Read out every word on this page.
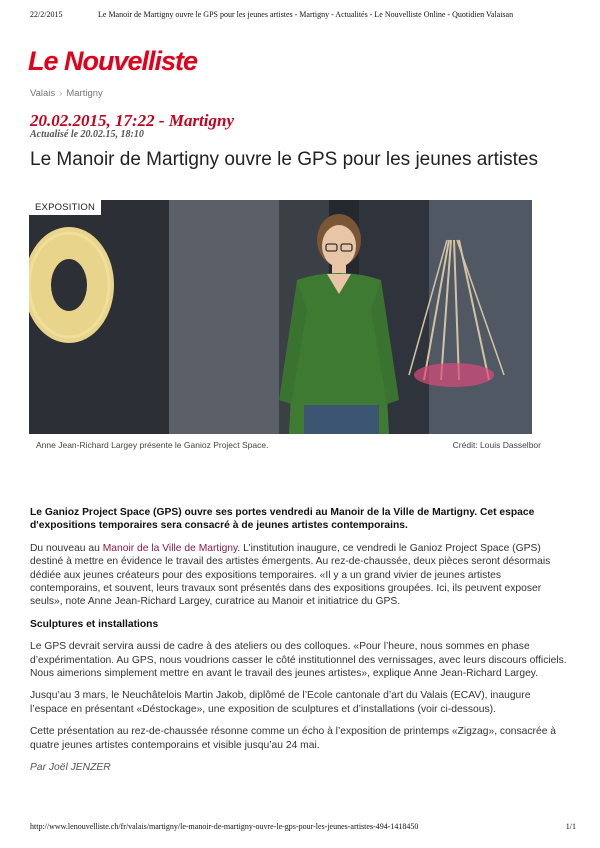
22/2/2015	Le Manoir de Martigny ouvre le GPS pour les jeunes artistes - Martigny - Actualités - Le Nouvelliste Online - Quotidien Valaisan
Le Nouvelliste
Valais › Martigny
20.02.2015, 17:22 - Martigny
Actualisé le 20.02.15, 18:10
Le Manoir de Martigny ouvre le GPS pour les jeunes artistes
EXPOSITION
Anne Jean-Richard Largey présente le Ganioz Project Space.	Crédit: Louis Dasselbor

Le Ganioz Project Space (GPS) ouvre ses portes vendredi au Manoir de la Ville de Martigny. Cet espace d'expositions temporaires sera consacré à de jeunes artistes contemporains.

Du nouveau au Manoir de la Ville de Martigny. L’institution inaugure, ce vendredi le Ganioz Project Space (GPS) destiné à mettre en évidence le travail des artistes émergents. Au rez-de-chaussée, deux pièces seront désormais dédiée aux jeunes créateurs pour des expositions temporaires. «Il y a un grand vivier de jeunes artistes contemporains, et souvent, leurs travaux sont présentés dans des expositions groupées. Ici, ils peuvent exposer seuls», note Anne Jean-Richard Largey, curatrice au Manoir et initiatrice du GPS.

Sculptures et installations

Le GPS devrait servira aussi de cadre à des ateliers ou des colloques. «Pour l’heure, nous sommes en phase d’expérimentation. Au GPS, nous voudrions casser le côté institutionnel des vernissages, avec leurs discours officiels. Nous aimerions simplement mettre en avant le travail des jeunes artistes», explique Anne Jean-Richard Largey.

Jusqu’au 3 mars, le Neuchâtelois Martin Jakob, diplômé de l’Ecole cantonale d’art du Valais (ECAV), inaugure l’espace en présentant «Déstockage», une exposition de sculptures et d’installations (voir ci-dessous).

Cette présentation au rez-de-chaussée résonne comme un écho à l’exposition de printemps «Zigzag», consacrée à quatre jeunes artistes contemporains et visible jusqu’au 24 mai.

Par Joël JENZER

http://www.lenouvelliste.ch/fr/valais/martigny/le-manoir-de-martigny-ouvre-le-gps-pour-les-jeunes-artistes-494-1418450	1/1
